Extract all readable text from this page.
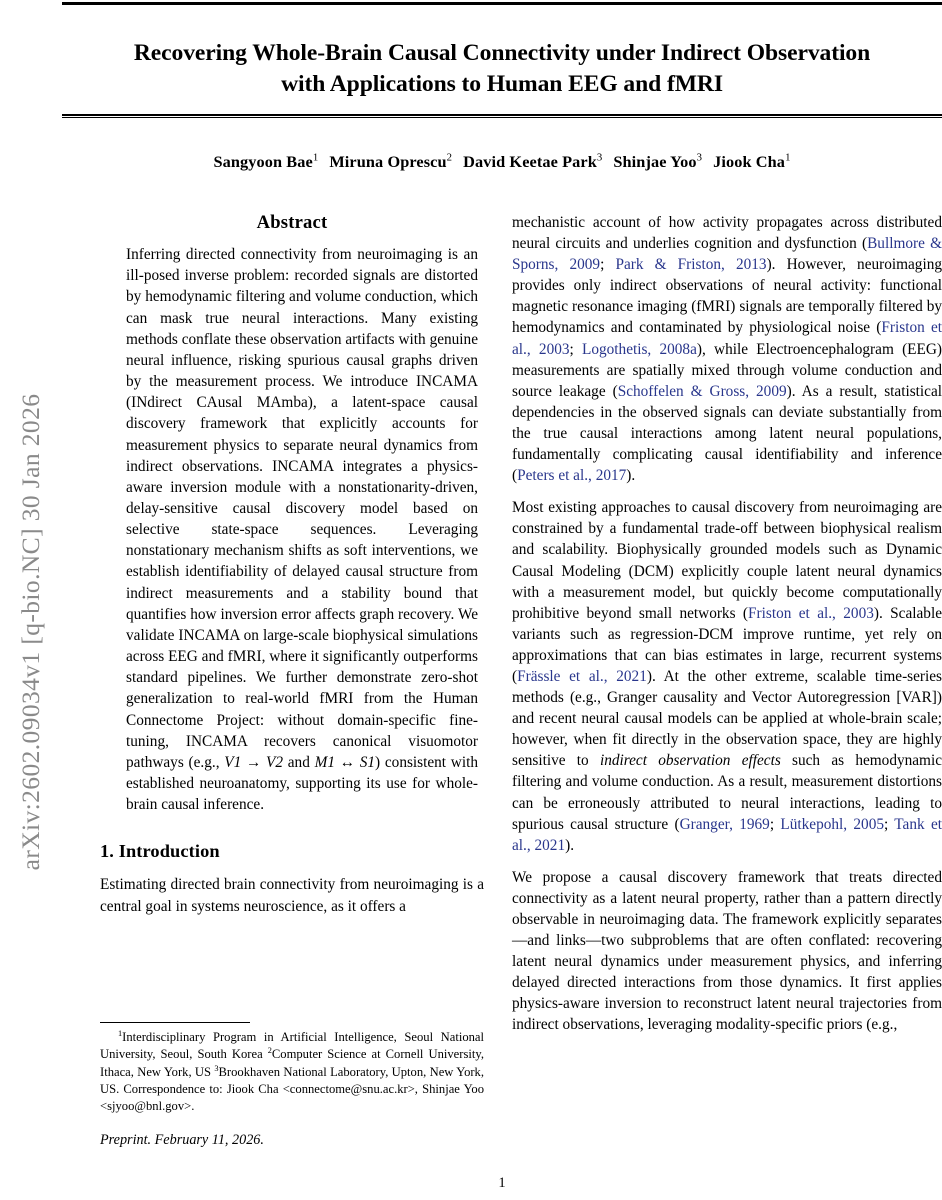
arXiv:2602.09034v1 [q-bio.NC] 30 Jan 2026
Recovering Whole-Brain Causal Connectivity under Indirect Observation
with Applications to Human EEG and fMRI
Sangyoon Bae$^1$ Miruna Oprescu$^2$ David Keetae Park$^3$ Shinjae Yoo$^3$ Jiook Cha$^1$
Abstract

Inferring directed connectivity from neuroimaging is an ill-posed inverse problem: recorded signals are distorted by hemodynamic filtering and volume conduction, which can mask true neural interactions. Many existing methods conflate these observation artifacts with genuine neural influence, risking spurious causal graphs driven by the measurement process. We introduce INCAMA (INdirect CAusal MAmba), a latent-space causal discovery framework that explicitly accounts for measurement physics to separate neural dynamics from indirect observations. INCAMA integrates a physics-aware inversion module with a nonstationarity-driven, delay-sensitive causal discovery model based on selective state-space sequences. Leveraging nonstationary mechanism shifts as soft interventions, we establish identifiability of delayed causal structure from indirect measurements and a stability bound that quantifies how inversion error affects graph recovery. We validate INCAMA on large-scale biophysical simulations across EEG and fMRI, where it significantly outperforms standard pipelines. We further demonstrate zero-shot generalization to real-world fMRI from the Human Connectome Project: without domain-specific fine-tuning, INCAMA recovers canonical visuomotor pathways (e.g., V1 → V2 and M1 ↔ S1) consistent with established neuroanatomy, supporting its use for whole-brain causal inference.

1. Introduction

Estimating directed brain connectivity from neuroimaging is a central goal in systems neuroscience, as it offers a

mechanistic account of how activity propagates across distributed neural circuits and underlies cognition and dysfunction (Bullmore & Sporns, 2009; Park & Friston, 2013). However, neuroimaging provides only indirect observations of neural activity: functional magnetic resonance imaging (fMRI) signals are temporally filtered by hemodynamics and contaminated by physiological noise (Friston et al., 2003; Logothetis, 2008a), while Electroencephalogram (EEG) measurements are spatially mixed through volume conduction and source leakage (Schoffelen & Gross, 2009). As a result, statistical dependencies in the observed signals can deviate substantially from the true causal interactions among latent neural populations, fundamentally complicating causal identifiability and inference (Peters et al., 2017).

Most existing approaches to causal discovery from neuroimaging are constrained by a fundamental trade-off between biophysical realism and scalability. Biophysically grounded models such as Dynamic Causal Modeling (DCM) explicitly couple latent neural dynamics with a measurement model, but quickly become computationally prohibitive beyond small networks (Friston et al., 2003). Scalable variants such as regression-DCM improve runtime, yet rely on approximations that can bias estimates in large, recurrent systems (Frässle et al., 2021). At the other extreme, scalable time-series methods (e.g., Granger causality and Vector Autoregression [VAR]) and recent neural causal models can be applied at whole-brain scale; however, when fit directly in the observation space, they are highly sensitive to indirect observation effects such as hemodynamic filtering and volume conduction. As a result, measurement distortions can be erroneously attributed to neural interactions, leading to spurious causal structure (Granger, 1969; Lütkepohl, 2005; Tank et al., 2021).

We propose a causal discovery framework that treats directed connectivity as a latent neural property, rather than a pattern directly observable in neuroimaging data. The framework explicitly separates—and links—two subproblems that are often conflated: recovering latent neural dynamics under measurement physics, and inferring delayed directed interactions from those dynamics. It first applies physics-aware inversion to reconstruct latent neural trajectories from indirect observations, leveraging modality-specific priors (e.g.,

$^1$Interdisciplinary Program in Artificial Intelligence, Seoul National University, Seoul, South Korea $^2$Computer Science at Cornell University, Ithaca, New York, US $^3$Brookhaven National Laboratory, Upton, New York, US. Correspondence to: Jiook Cha <connectome@snu.ac.kr>, Shinjae Yoo <sjyoo@bnl.gov>.
Preprint. February 11, 2026.
1
